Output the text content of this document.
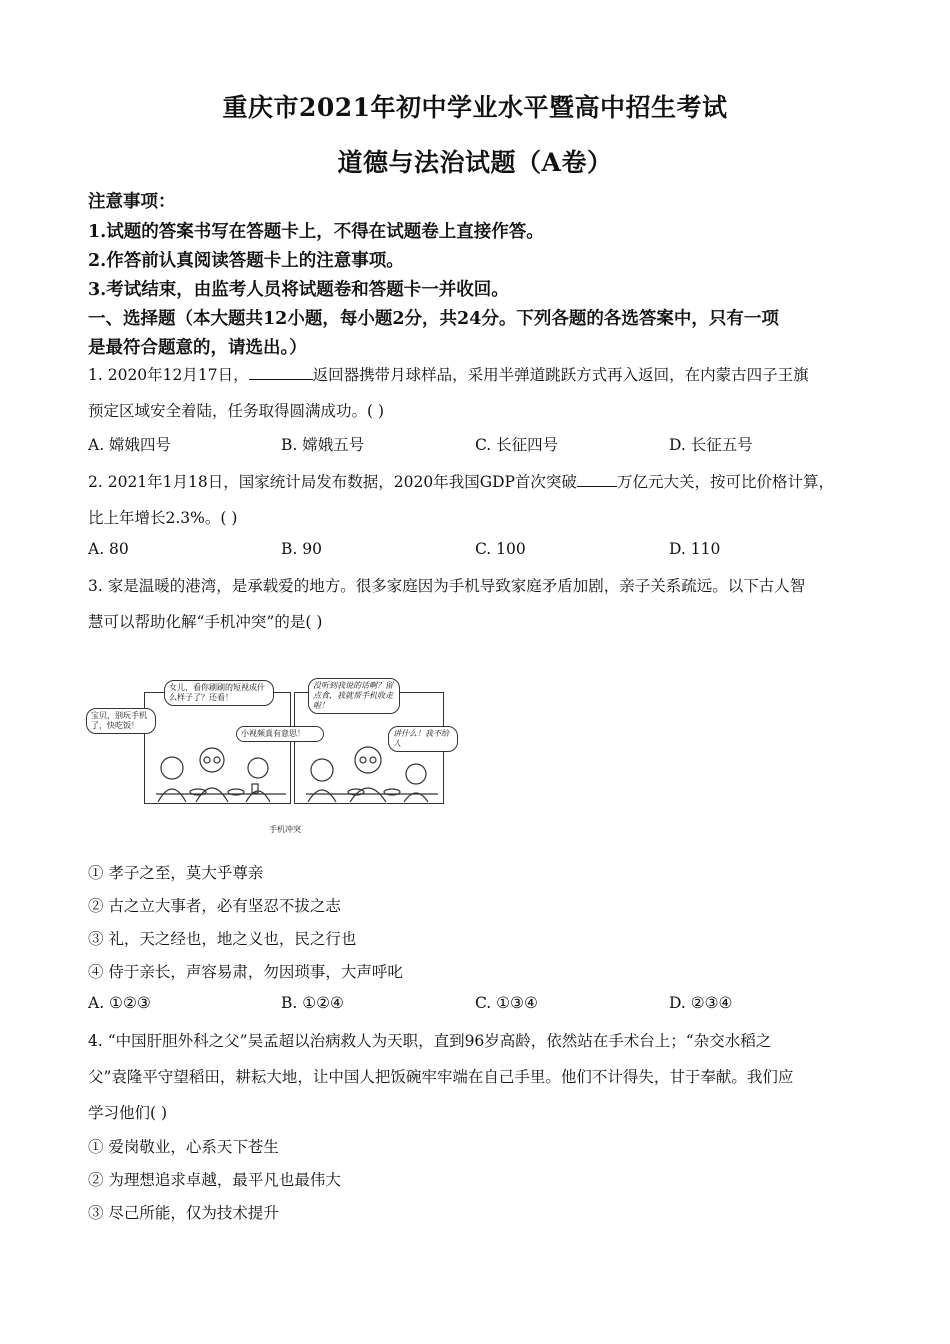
重庆市2021年初中学业水平暨高中招生考试
道德与法治试题（A卷）
注意事项：
1.试题的答案书写在答题卡上，不得在试题卷上直接作答。
2.作答前认真阅读答题卡上的注意事项。
3.考试结束，由监考人员将试题卷和答题卡一并收回。
一、选择题（本大题共12小题，每小题2分，共24分。下列各题的各选答案中，只有一项
是最符合题意的，请选出。）
1. 2020年12月17日，	返回器携带月球样品，采用半弹道跳跃方式再入返回，在内蒙古四子王旗
预定区域安全着陆，任务取得圆满成功。( )
A. 嫦娥四号	B. 嫦娥五号	C. 长征四号	D. 长征五号
2. 2021年1月18日，国家统计局发布数据，2020年我国GDP首次突破	万亿元大关，按可比价格计算，
比上年增长2.3%。( )
A. 80	B. 90	C. 100	D. 110
3. 家是温暖的港湾，是承载爱的地方。很多家庭因为手机导致家庭矛盾加剧，亲子关系疏远。以下古人智
慧可以帮助化解“手机冲突”的是( )
宝贝，别玩手机了，快吃饭！
女儿，看你刷刷的短视成什么样子了？还看！
小视频真有意思！
没听到我说的话啊？留点食，我就帮手机收走啦！
讲什么！我不给人
手机冲突
① 孝子之至，莫大乎尊亲
② 古之立大事者，必有坚忍不拔之志
③ 礼，天之经也，地之义也，民之行也
④ 侍于亲长，声容易肃，勿因琐事，大声呼叱
A. ①②③	B. ①②④	C. ①③④	D. ②③④
4. “中国肝胆外科之父”吴孟超以治病救人为天职，直到96岁高龄，依然站在手术台上；“杂交水稻之
父”袁隆平守望稻田，耕耘大地，让中国人把饭碗牢牢端在自己手里。他们不计得失，甘于奉献。我们应
学习他们( )
① 爱岗敬业，心系天下苍生
② 为理想追求卓越，最平凡也最伟大
③ 尽己所能，仅为技术提升
